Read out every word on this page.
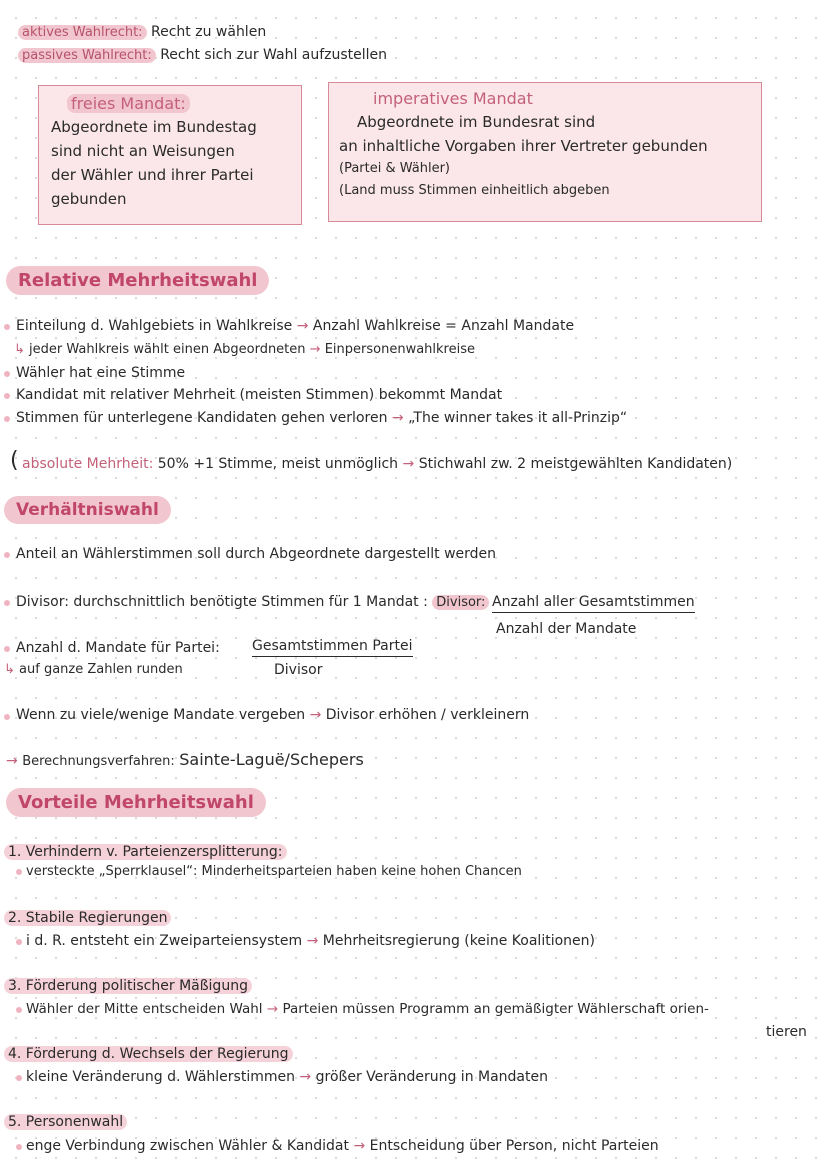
aktives Wahlrecht: Recht zu wählen
passives Wahlrecht: Recht sich zur Wahl aufzustellen
freies Mandat:
Abgeordnete im Bundestag
sind nicht an Weisungen
der Wähler und ihrer Partei
gebunden
imperatives Mandat
Abgeordnete im Bundesrat sind
an inhaltliche Vorgaben ihrer Vertreter gebunden
(Partei & Wähler)
(Land muss Stimmen einheitlich abgeben
Relative Mehrheitswahl
Einteilung d. Wahlgebiets in Wahlkreise → Anzahl Wahlkreise = Anzahl Mandate
↳ jeder Wahlkreis wählt einen Abgeordneten → Einpersonenwahlkreise
Wähler hat eine Stimme
Kandidat mit relativer Mehrheit (meisten Stimmen) bekommt Mandat
Stimmen für unterlegene Kandidaten gehen verloren → „The winner takes it all-Prinzip“
( absolute Mehrheit: 50% +1 Stimme, meist unmöglich → Stichwahl zw. 2 meistgewählten Kandidaten)
Verhältniswahl
Anteil an Wählerstimmen soll durch Abgeordnete dargestellt werden
Divisor: durchschnittlich benötigte Stimmen für 1 Mandat : Divisor: Anzahl aller Gesamtstimmen
Anzahl der Mandate
Anzahl d. Mandate für Partei: Gesamtstimmen Partei
Divisor
↳ auf ganze Zahlen runden
Wenn zu viele/wenige Mandate vergeben → Divisor erhöhen / verkleinern
→ Berechnungsverfahren: Sainte-Laguë/Schepers
Vorteile Mehrheitswahl
1. Verhindern v. Parteienzersplitterung:
versteckte „Sperrklausel“: Minderheitsparteien haben keine hohen Chancen
2. Stabile Regierungen
i d. R. entsteht ein Zweiparteiensystem → Mehrheitsregierung (keine Koalitionen)
3. Förderung politischer Mäßigung
Wähler der Mitte entscheiden Wahl → Parteien müssen Programm an gemäßigter Wählerschaft orien-
tieren
4. Förderung d. Wechsels der Regierung
kleine Veränderung d. Wählerstimmen → größer Veränderung in Mandaten
5. Personenwahl
enge Verbindung zwischen Wähler & Kandidat → Entscheidung über Person, nicht Parteien
